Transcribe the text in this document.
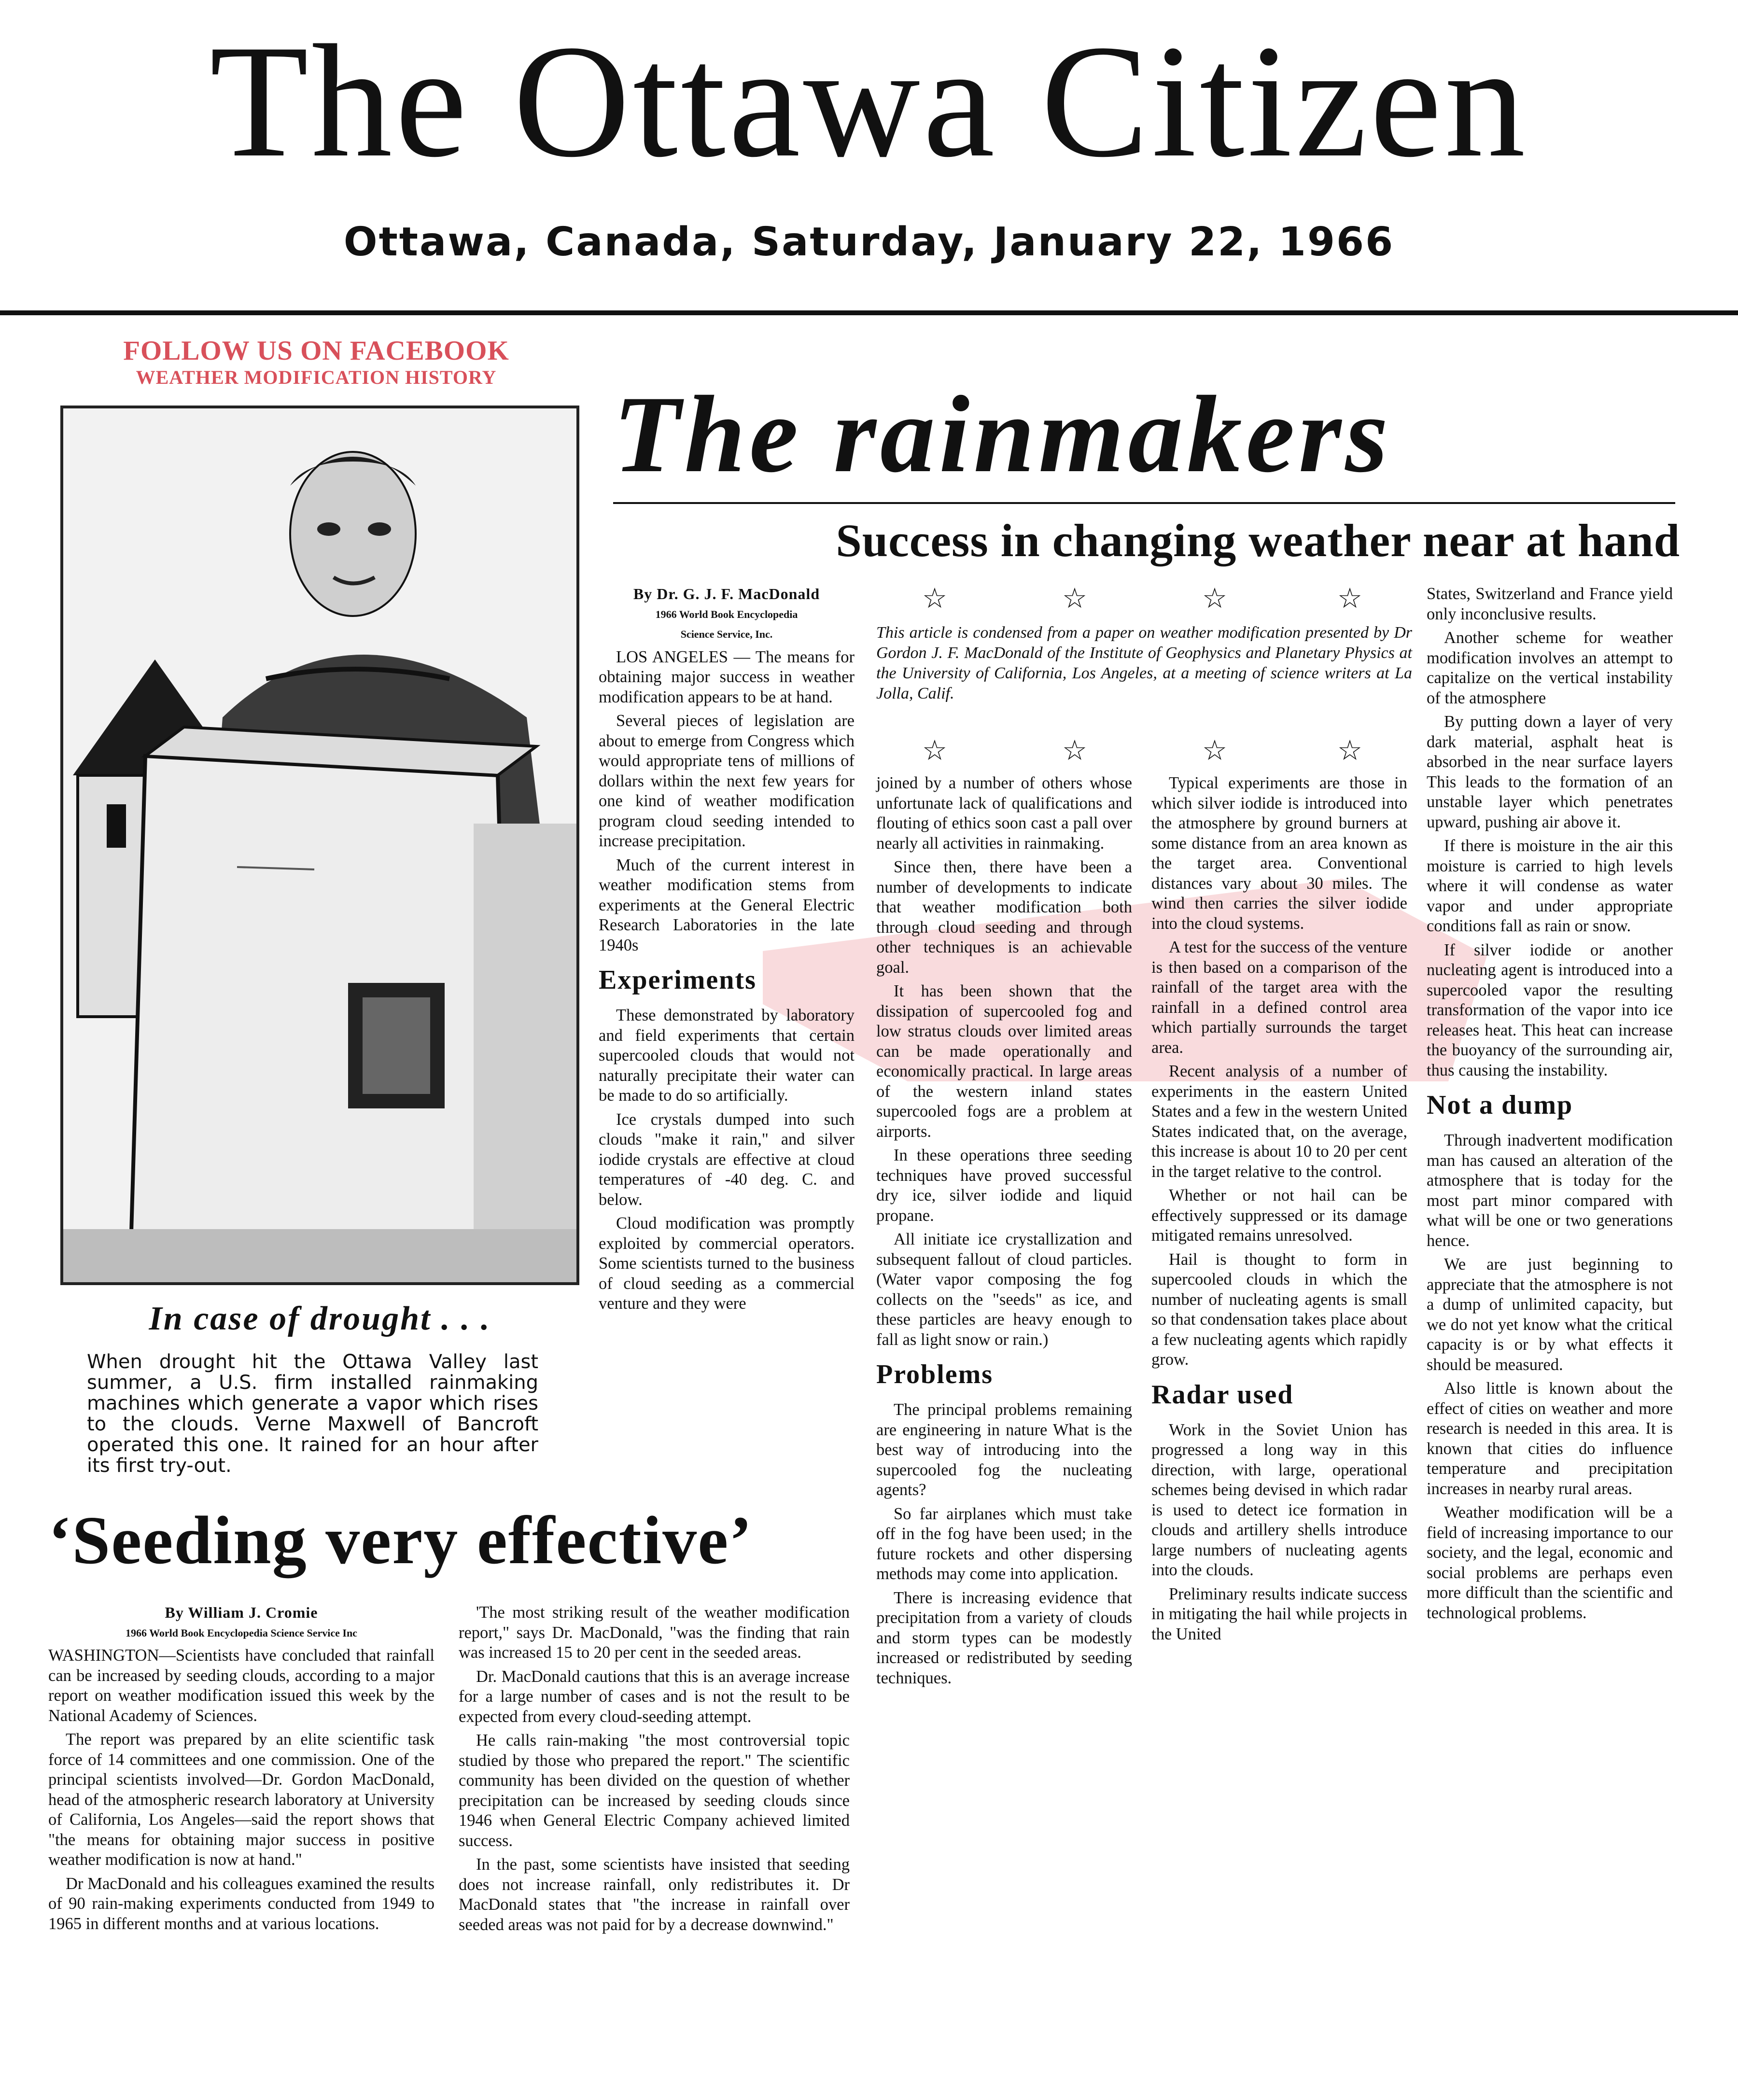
The Ottawa Citizen
Ottawa, Canada, Saturday, January 22, 1966
FOLLOW US ON FACEBOOK
WEATHER MODIFICATION HISTORY
In case of drought . . .
When drought hit the Ottawa Valley last summer, a U.S. firm installed rainmaking machines which generate a vapor which rises to the clouds. Verne Maxwell of Bancroft operated this one. It rained for an hour after its first try-out.
The rainmakers
Success in changing weather near at hand

By Dr. G. J. F. MacDonald

1966 World Book Encyclopedia

Science Service, Inc.

LOS ANGELES — The means for obtaining major success in weather modification appears to be at hand.

Several pieces of legislation are about to emerge from Congress which would appropriate tens of millions of dollars within the next few years for one kind of weather modification program cloud seeding intended to increase precipitation.

Much of the current interest in weather modification stems from experiments at the General Electric Research Laboratories in the late 1940s

Experiments

These demonstrated by laboratory and field experiments that certain supercooled clouds that would not naturally precipitate their water can be made to do so artificially.

Ice crystals dumped into such clouds "make it rain," and silver iodide crystals are effective at cloud temperatures of -40 deg. C. and below.

Cloud modification was promptly exploited by commercial operators. Some scientists turned to the business of cloud seeding as a commercial venture and they were

☆	☆	☆	☆
This article is condensed from a paper on weather modification presented by Dr Gordon J. F. MacDonald of the Institute of Geophysics and Planetary Physics at the University of California, Los Angeles, at a meeting of science writers at La Jolla, Calif.
☆	☆	☆	☆

joined by a number of others whose unfortunate lack of qualifications and flouting of ethics soon cast a pall over nearly all activities in rainmaking.

Since then, there have been a number of developments to indicate that weather modification both through cloud seeding and through other techniques is an achievable goal.

It has been shown that the dissipation of supercooled fog and low stratus clouds over limited areas can be made operationally and economically practical. In large areas of the western inland states supercooled fogs are a problem at airports.

In these operations three seeding techniques have proved successful dry ice, silver iodide and liquid propane.

All initiate ice crystallization and subsequent fallout of cloud particles. (Water vapor composing the fog collects on the "seeds" as ice, and these particles are heavy enough to fall as light snow or rain.)

Problems

The principal problems remaining are engineering in nature What is the best way of introducing into the supercooled fog the nucleating agents?

So far airplanes which must take off in the fog have been used; in the future rockets and other dispersing methods may come into application.

There is increasing evidence that precipitation from a variety of clouds and storm types can be modestly increased or redistributed by seeding techniques.

Typical experiments are those in which silver iodide is introduced into the atmosphere by ground burners at some distance from an area known as the target area. Conventional distances vary about 30 miles. The wind then carries the silver iodide into the cloud systems.

A test for the success of the venture is then based on a comparison of the rainfall of the target area with the rainfall in a defined control area which partially surrounds the target area.

Recent analysis of a number of experiments in the eastern United States and a few in the western United States indicated that, on the average, this increase is about 10 to 20 per cent in the target relative to the control.

Whether or not hail can be effectively suppressed or its damage mitigated remains unresolved.

Hail is thought to form in supercooled clouds in which the number of nucleating agents is small so that condensation takes place about a few nucleating agents which rapidly grow.

Radar used

Work in the Soviet Union has progressed a long way in this direction, with large, operational schemes being devised in which radar is used to detect ice formation in clouds and artillery shells introduce large numbers of nucleating agents into the clouds.

Preliminary results indicate success in mitigating the hail while projects in the United

States, Switzerland and France yield only inconclusive results.

Another scheme for weather modification involves an attempt to capitalize on the vertical instability of the atmosphere

By putting down a layer of very dark material, asphalt heat is absorbed in the near surface layers This leads to the formation of an unstable layer which penetrates upward, pushing air above it.

If there is moisture in the air this moisture is carried to high levels where it will condense as water vapor and under appropriate conditions fall as rain or snow.

If silver iodide or another nucleating agent is introduced into a supercooled vapor the resulting transformation of the vapor into ice releases heat. This heat can increase the buoyancy of the surrounding air, thus causing the instability.

Not a dump

Through inadvertent modification man has caused an alteration of the atmosphere that is today for the most part minor compared with what will be one or two generations hence.

We are just beginning to appreciate that the atmosphere is not a dump of unlimited capacity, but we do not yet know what the critical capacity is or by what effects it should be measured.

Also little is known about the effect of cities on weather and more research is needed in this area. It is known that cities do influence temperature and precipitation increases in nearby rural areas.

Weather modification will be a field of increasing importance to our society, and the legal, economic and social problems are perhaps even more difficult than the scientific and technological problems.

‘Seeding very effective’

By William J. Cromie

1966 World Book Encyclopedia Science Service Inc

WASHINGTON—Scientists have concluded that rainfall can be increased by seeding clouds, according to a major report on weather modification issued this week by the National Academy of Sciences.

The report was prepared by an elite scientific task force of 14 committees and one commission. One of the principal scientists involved—Dr. Gordon MacDonald, head of the atmospheric research laboratory at University of California, Los Angeles—said the report shows that "the means for obtaining major success in positive weather modification is now at hand."

Dr MacDonald and his colleagues examined the results of 90 rain-making experiments conducted from 1949 to 1965 in different months and at various locations.

'The most striking result of the weather modification report," says Dr. MacDonald, "was the finding that rain was increased 15 to 20 per cent in the seeded areas.

Dr. MacDonald cautions that this is an average increase for a large number of cases and is not the result to be expected from every cloud-seeding attempt.

He calls rain-making "the most controversial topic studied by those who prepared the report." The scientific community has been divided on the question of whether precipitation can be increased by seeding clouds since 1946 when General Electric Company achieved limited success.

In the past, some scientists have insisted that seeding does not increase rainfall, only redistributes it. Dr MacDonald states that "the increase in rainfall over seeded areas was not paid for by a decrease downwind."
